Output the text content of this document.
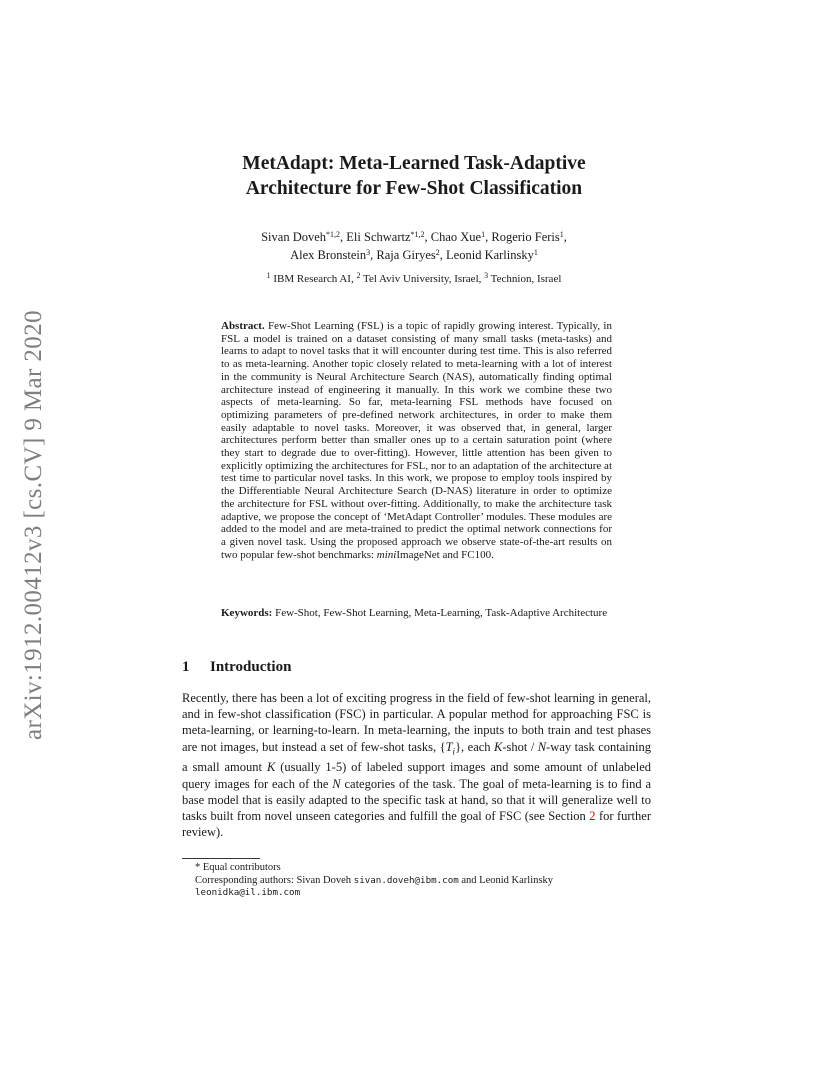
arXiv:1912.00412v3 [cs.CV] 9 Mar 2020
MetAdapt: Meta-Learned Task-Adaptive
Architecture for Few-Shot Classification
Sivan Doveh$^{*1,2}$, Eli Schwartz$^{*1,2}$, Chao Xue$^1$, Rogerio Feris$^1$,
Alex Bronstein$^3$, Raja Giryes$^2$, Leonid Karlinsky$^1$
$^1$ IBM Research AI, $^2$ Tel Aviv University, Israel, $^3$ Technion, Israel
Abstract. Few-Shot Learning (FSL) is a topic of rapidly growing interest. Typically, in FSL a model is trained on a dataset consisting of many small tasks (meta-tasks) and learns to adapt to novel tasks that it will encounter during test time. This is also referred to as meta-learning. Another topic closely related to meta-learning with a lot of interest in the community is Neural Architecture Search (NAS), automatically finding optimal architecture instead of engineering it manually. In this work we combine these two aspects of meta-learning. So far, meta-learning FSL methods have focused on optimizing parameters of pre-defined network architectures, in order to make them easily adaptable to novel tasks. Moreover, it was observed that, in general, larger architectures perform better than smaller ones up to a certain saturation point (where they start to degrade due to over-fitting). However, little attention has been given to explicitly optimizing the architectures for FSL, nor to an adaptation of the architecture at test time to particular novel tasks. In this work, we propose to employ tools inspired by the Differentiable Neural Architecture Search (D-NAS) literature in order to optimize the architecture for FSL without over-fitting. Additionally, to make the architecture task adaptive, we propose the concept of ‘MetAdapt Controller’ modules. These modules are added to the model and are meta-trained to predict the optimal network connections for a given novel task. Using the proposed approach we observe state-of-the-art results on two popular few-shot benchmarks: miniImageNet and FC100.
Keywords: Few-Shot, Few-Shot Learning, Meta-Learning, Task-Adaptive Architecture
1 Introduction
Recently, there has been a lot of exciting progress in the field of few-shot learning in general, and in few-shot classification (FSC) in particular. A popular method for approaching FSC is meta-learning, or learning-to-learn. In meta-learning, the inputs to both train and test phases are not images, but instead a set of few-shot tasks, $\{T_i\}$, each K-shot / N-way task containing a small amount K (usually 1-5) of labeled support images and some amount of unlabeled query images for each of the N categories of the task. The goal of meta-learning is to find a base model that is easily adapted to the specific task at hand, so that it will generalize well to tasks built from novel unseen categories and fulfill the goal of FSC (see Section 2 for further review).
* Equal contributors
Corresponding authors: Sivan Doveh sivan.doveh@ibm.com and Leonid Karlinsky
leonidka@il.ibm.com
